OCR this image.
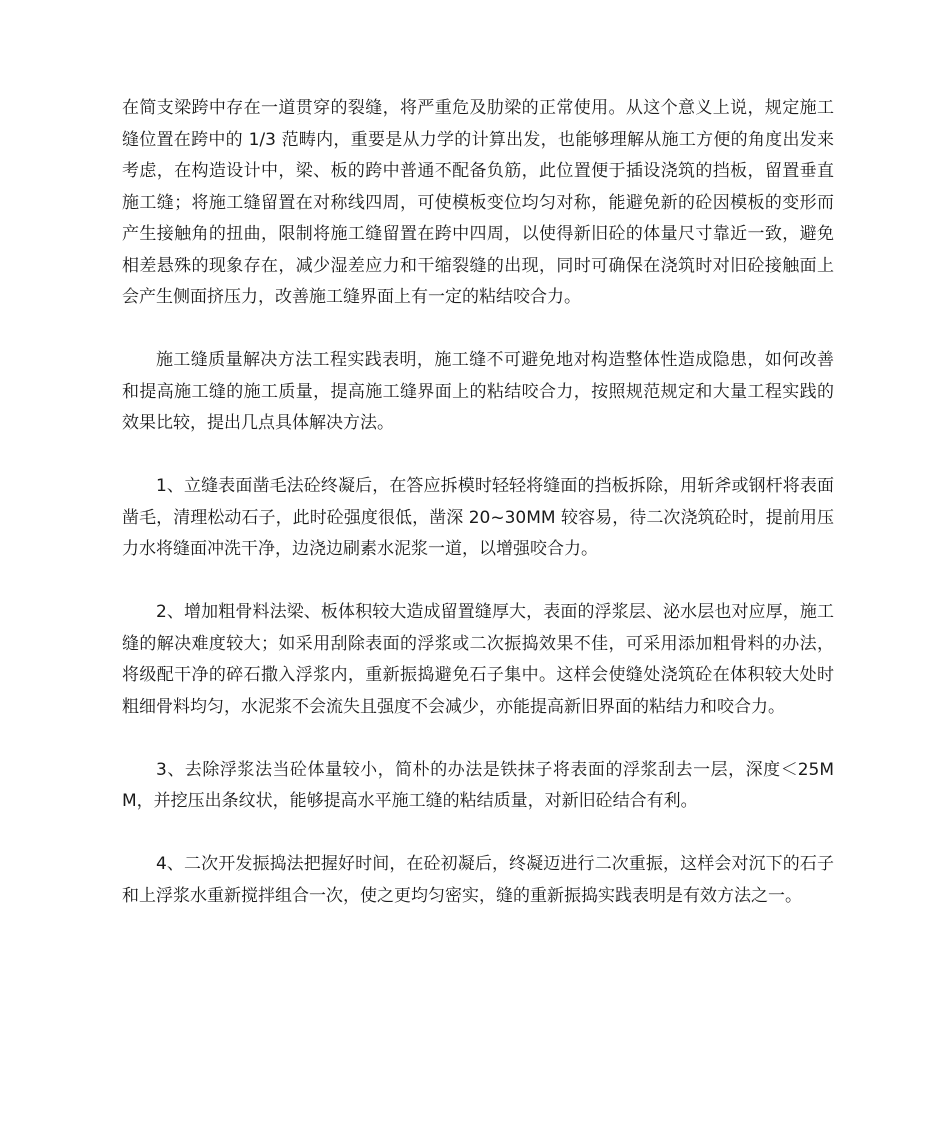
在简支梁跨中存在一道贯穿的裂缝，将严重危及肋梁的正常使用。从这个意义上说，规定施工缝位置在跨中的 1/3 范畴内，重要是从力学的计算出发，也能够理解从施工方便的角度出发来考虑，在构造设计中，梁、板的跨中普通不配备负筋，此位置便于插设浇筑的挡板，留置垂直施工缝；将施工缝留置在对称线四周，可使模板变位均匀对称，能避免新的砼因模板的变形而产生接触角的扭曲，限制将施工缝留置在跨中四周，以使得新旧砼的体量尺寸靠近一致，避免相差悬殊的现象存在，减少湿差应力和干缩裂缝的出现，同时可确保在浇筑时对旧砼接触面上会产生侧面挤压力，改善施工缝界面上有一定的粘结咬合力。

施工缝质量解决方法工程实践表明，施工缝不可避免地对构造整体性造成隐患，如何改善和提高施工缝的施工质量，提高施工缝界面上的粘结咬合力，按照规范规定和大量工程实践的效果比较，提出几点具体解决方法。

1、立缝表面凿毛法砼终凝后，在答应拆模时轻轻将缝面的挡板拆除，用斩斧或钢杆将表面凿毛，清理松动石子，此时砼强度很低，凿深 20~30MM 较容易，待二次浇筑砼时，提前用压力水将缝面冲洗干净，边浇边刷素水泥浆一道，以增强咬合力。

2、增加粗骨料法梁、板体积较大造成留置缝厚大，表面的浮浆层、泌水层也对应厚，施工缝的解决难度较大；如采用刮除表面的浮浆或二次振捣效果不佳，可采用添加粗骨料的办法，将级配干净的碎石撒入浮浆内，重新振捣避免石子集中。这样会使缝处浇筑砼在体积较大处时粗细骨料均匀，水泥浆不会流失且强度不会减少，亦能提高新旧界面的粘结力和咬合力。

3、去除浮浆法当砼体量较小，简朴的办法是铁抹子将表面的浮浆刮去一层，深度＜25MM，并挖压出条纹状，能够提高水平施工缝的粘结质量，对新旧砼结合有利。

4、二次开发振捣法把握好时间，在砼初凝后，终凝迈进行二次重振，这样会对沉下的石子和上浮浆水重新搅拌组合一次，使之更均匀密实，缝的重新振捣实践表明是有效方法之一。
